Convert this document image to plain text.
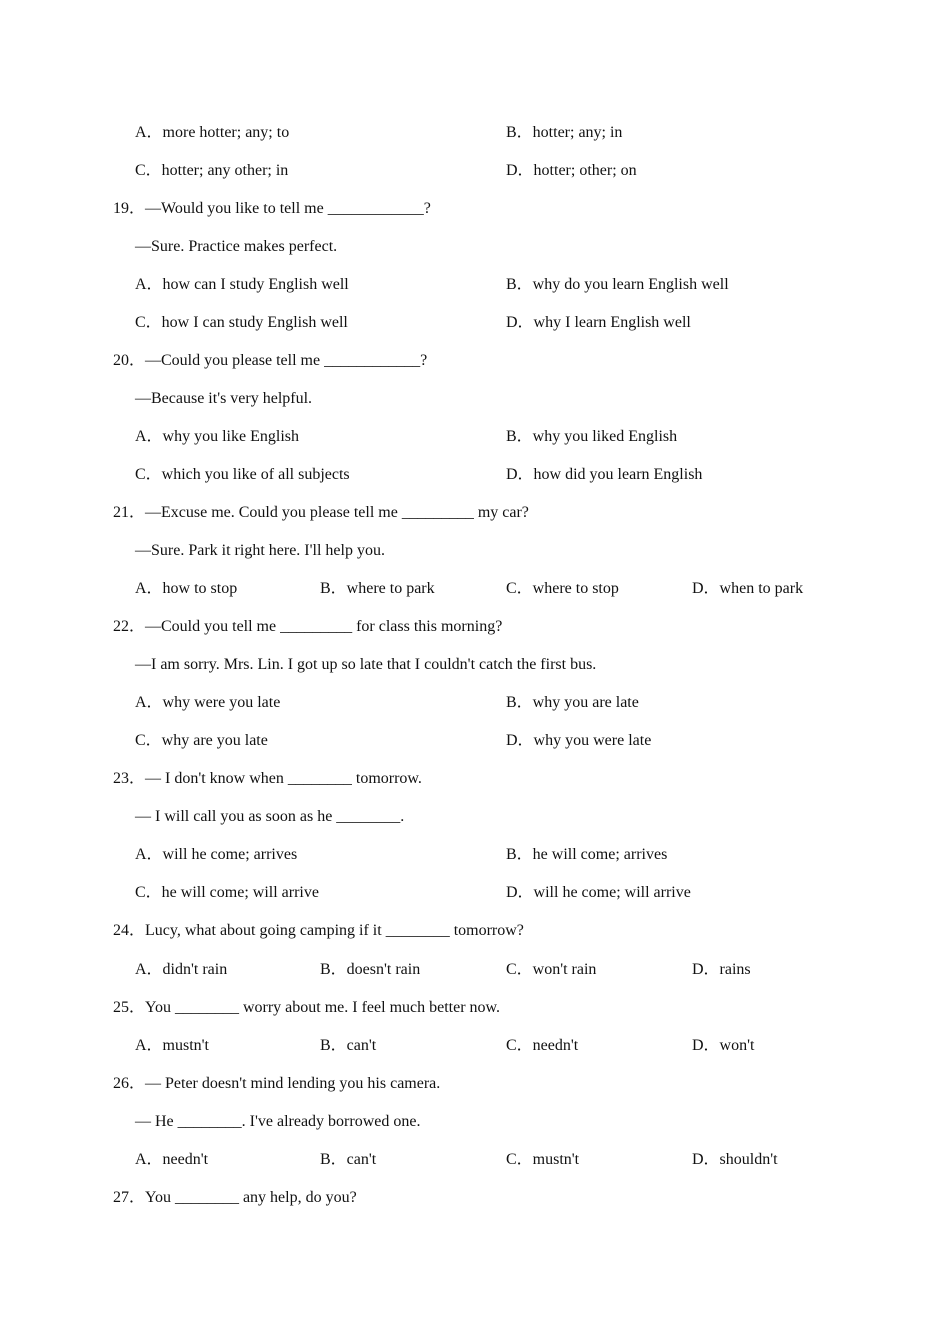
A．more hotter; any; to	B．hotter; any; in
C．hotter; any other; in	D．hotter; other; on
19．—Would you like to tell me ____________?
—Sure. Practice makes perfect.
A．how can I study English well	B．why do you learn English well
C．how I can study English well	D．why I learn English well
20．—Could you please tell me ____________?
—Because it's very helpful.
A．why you like English	B．why you liked English
C．which you like of all subjects	D．how did you learn English
21．—Excuse me. Could you please tell me _________ my car?
—Sure. Park it right here. I'll help you.
A．how to stop	B．where to park	C．where to stop	D．when to park
22．—Could you tell me _________ for class this morning?
—I am sorry. Mrs. Lin. I got up so late that I couldn't catch the first bus.
A．why were you late	B．why you are late
C．why are you late	D．why you were late
23．— I don't know when ________ tomorrow.
— I will call you as soon as he ________.
A．will he come; arrives	B．he will come; arrives
C．he will come; will arrive	D．will he come; will arrive
24．Lucy, what about going camping if it ________ tomorrow?
A．didn't rain	B．doesn't rain	C．won't rain	D．rains
25．You ________ worry about me. I feel much better now.
A．mustn't	B．can't	C．needn't	D．won't
26．— Peter doesn't mind lending you his camera.
— He ________. I've already borrowed one.
A．needn't	B．can't	C．mustn't	D．shouldn't
27．You ________ any help, do you?
